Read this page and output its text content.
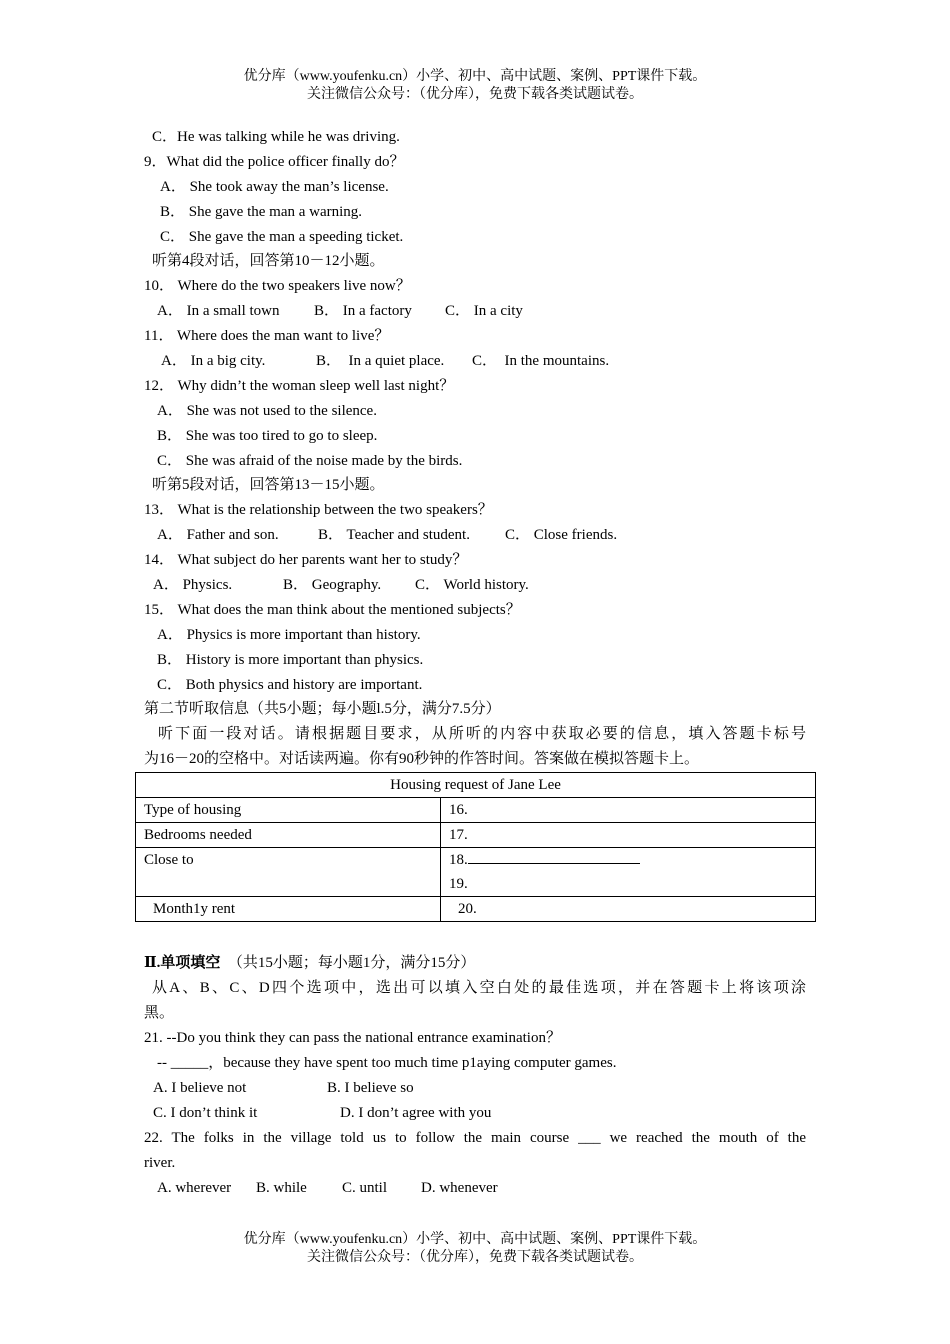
优分库（www.youfenku.cn）小学、初中、高中试题、案例、PPT课件下载。
关注微信公众号：（优分库），免费下载各类试题试卷。
C．He was talking while he was driving.
9．What did the police officer finally do？
A． She took away the man’s license.
B． She gave the man a warning.
C． She gave the man a speeding ticket.
听第4段对话，回答第10－12小题。
10． Where do the two speakers live now？
A． In a small town B． In a factory C． In a city
11． Where does the man want to live？
A． In a big city.	B．  In a quiet place. C．  In the mountains.
12． Why didn’t the woman sleep well last night？
A． She was not used to the silence.
B． She was too tired to go to sleep.
C． She was afraid of the noise made by the birds.
听第5段对话，回答第13－15小题。
13． What is the relationship between the two speakers？
A． Father and son.	B． Teacher and student. C． Close friends.
14． What subject do her parents want her to study？
A． Physics.	B． Geography. C． World history.
15． What does the man think about the mentioned subjects？
A． Physics is more important than history.
B． History is more important than physics.
C． Both physics and history are important.
第二节听取信息（共5小题；每小题l.5分，满分7.5分）
听下面一段对话。请根据题目要求，从所听的内容中获取必要的信息，填入答题卡标号
为16－20的空格中。对话读两遍。你有90秒钟的作答时间。答案做在模拟答题卡上。
Housing request of Jane Lee	
Type of housing	16.
Bedrooms needed	17.
Close to	18.
19.

Month1y rent	20.
Ⅱ.单项填空 （共15小题；每小题1分，满分15分）
从A、B、C、D四个选项中，选出可以填入空白处的最佳选项，并在答题卡上将该项涂
黑。
21. --Do you think they can pass the national entrance examination？
-- _____，because they have spent too much time p1aying computer games.
A. I believe not	B. I believe so
C. I don’t think it	D. I don’t agree with you
22. The folks in the village told us to follow the main course ___ we reached the mouth of the
river.
A. wherever B. while C. until D. whenever
优分库（www.youfenku.cn）小学、初中、高中试题、案例、PPT课件下载。
关注微信公众号：（优分库），免费下载各类试题试卷。
